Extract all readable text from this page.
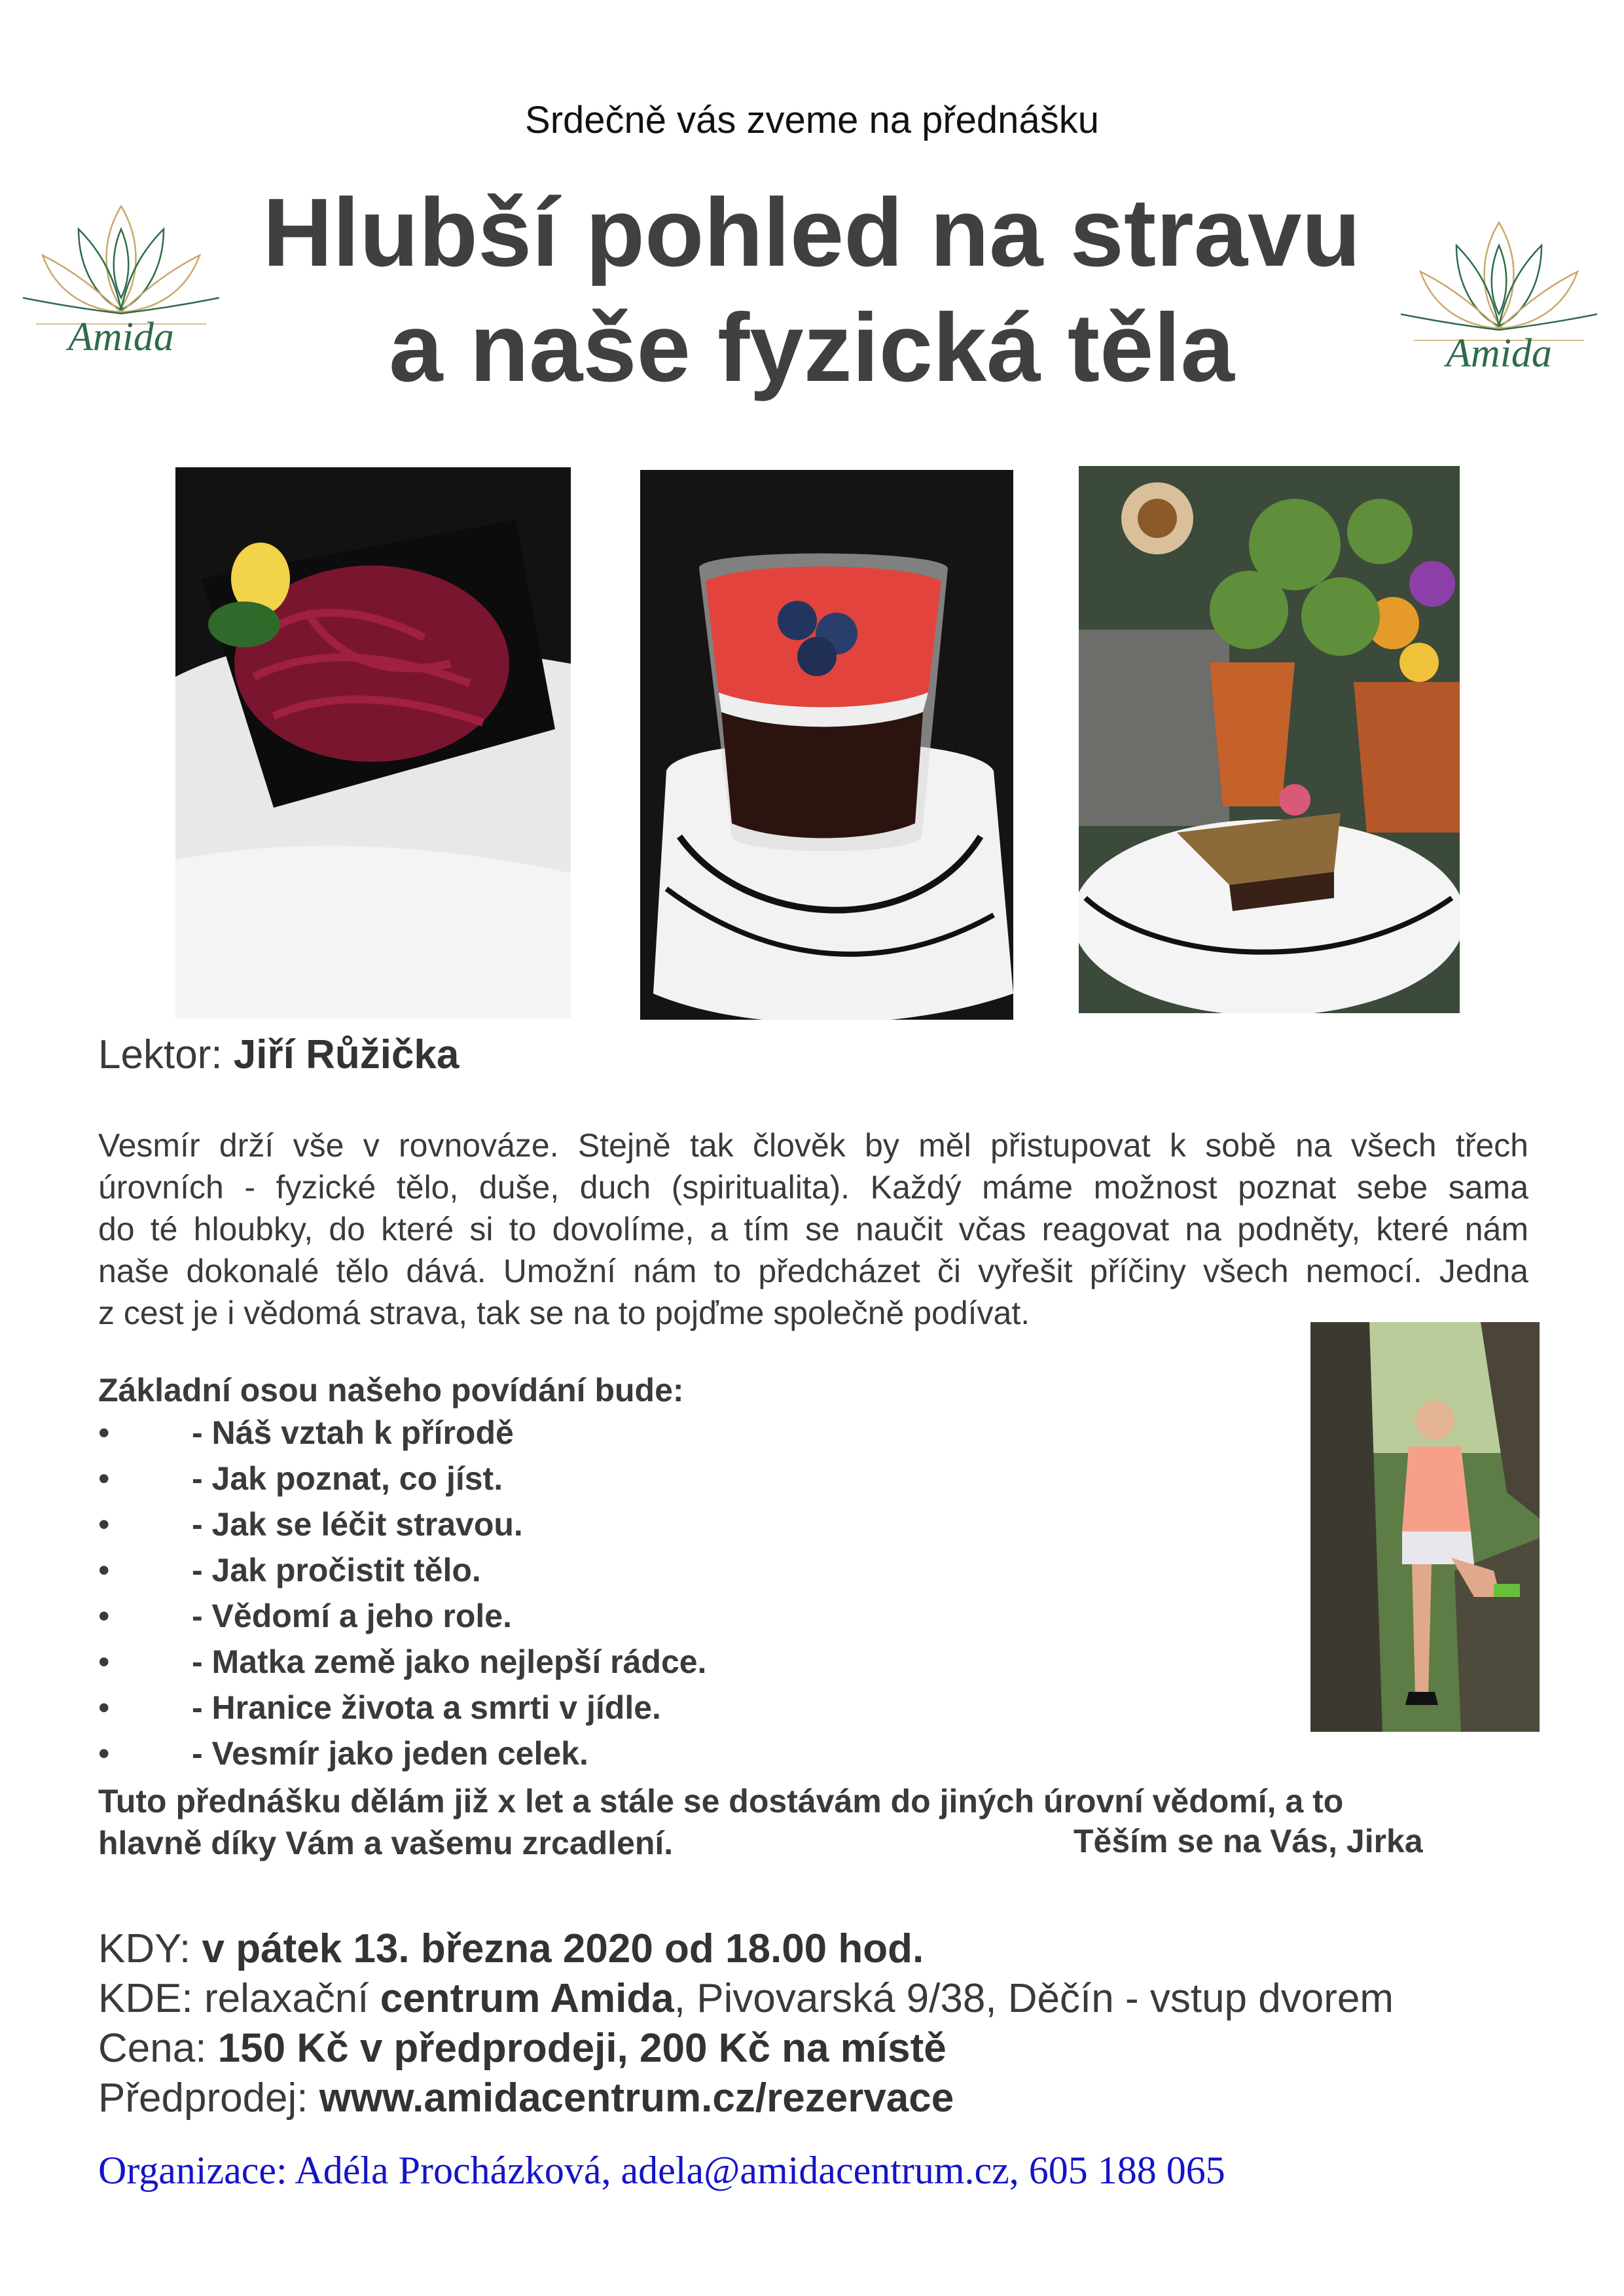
Srdečně vás zveme na přednášku
Hlubší pohled na stravu
a naše fyzická těla
Amida	Amida
Lektor: Jiří Růžička
Vesmír drží vše v rovnováze. Stejně tak člověk by měl přistupovat k sobě na všech třech
úrovních - fyzické tělo, duše, duch (spiritualita). Každý máme možnost poznat sebe sama
do té hloubky, do které si to dovolíme, a tím se naučit včas reagovat na podněty, které nám
naše dokonalé tělo dává. Umožní nám to předcházet či vyřešit příčiny všech nemocí. Jedna
z cest je i vědomá strava, tak se na to pojďme společně podívat.
Základní osou našeho povídání bude:
•	- Náš vztah k přírodě
•	- Jak poznat, co jíst.
•	- Jak se léčit stravou.
•	- Jak pročistit tělo.
•	- Vědomí a jeho role.
•	- Matka země jako nejlepší rádce.
•	- Hranice života a smrti v jídle.
•	- Vesmír jako jeden celek.
Tuto přednášku dělám již x let a stále se dostávám do jiných úrovní vědomí, a to
hlavně díky Vám a vašemu zrcadlení.	Těším se na Vás, Jirka
KDY: v pátek 13. března 2020 od 18.00 hod.
KDE: relaxační centrum Amida, Pivovarská 9/38, Děčín - vstup dvorem
Cena: 150 Kč v předprodeji, 200 Kč na místě
Předprodej: www.amidacentrum.cz/rezervace
Organizace: Adéla Procházková, adela@amidacentrum.cz, 605 188 065
